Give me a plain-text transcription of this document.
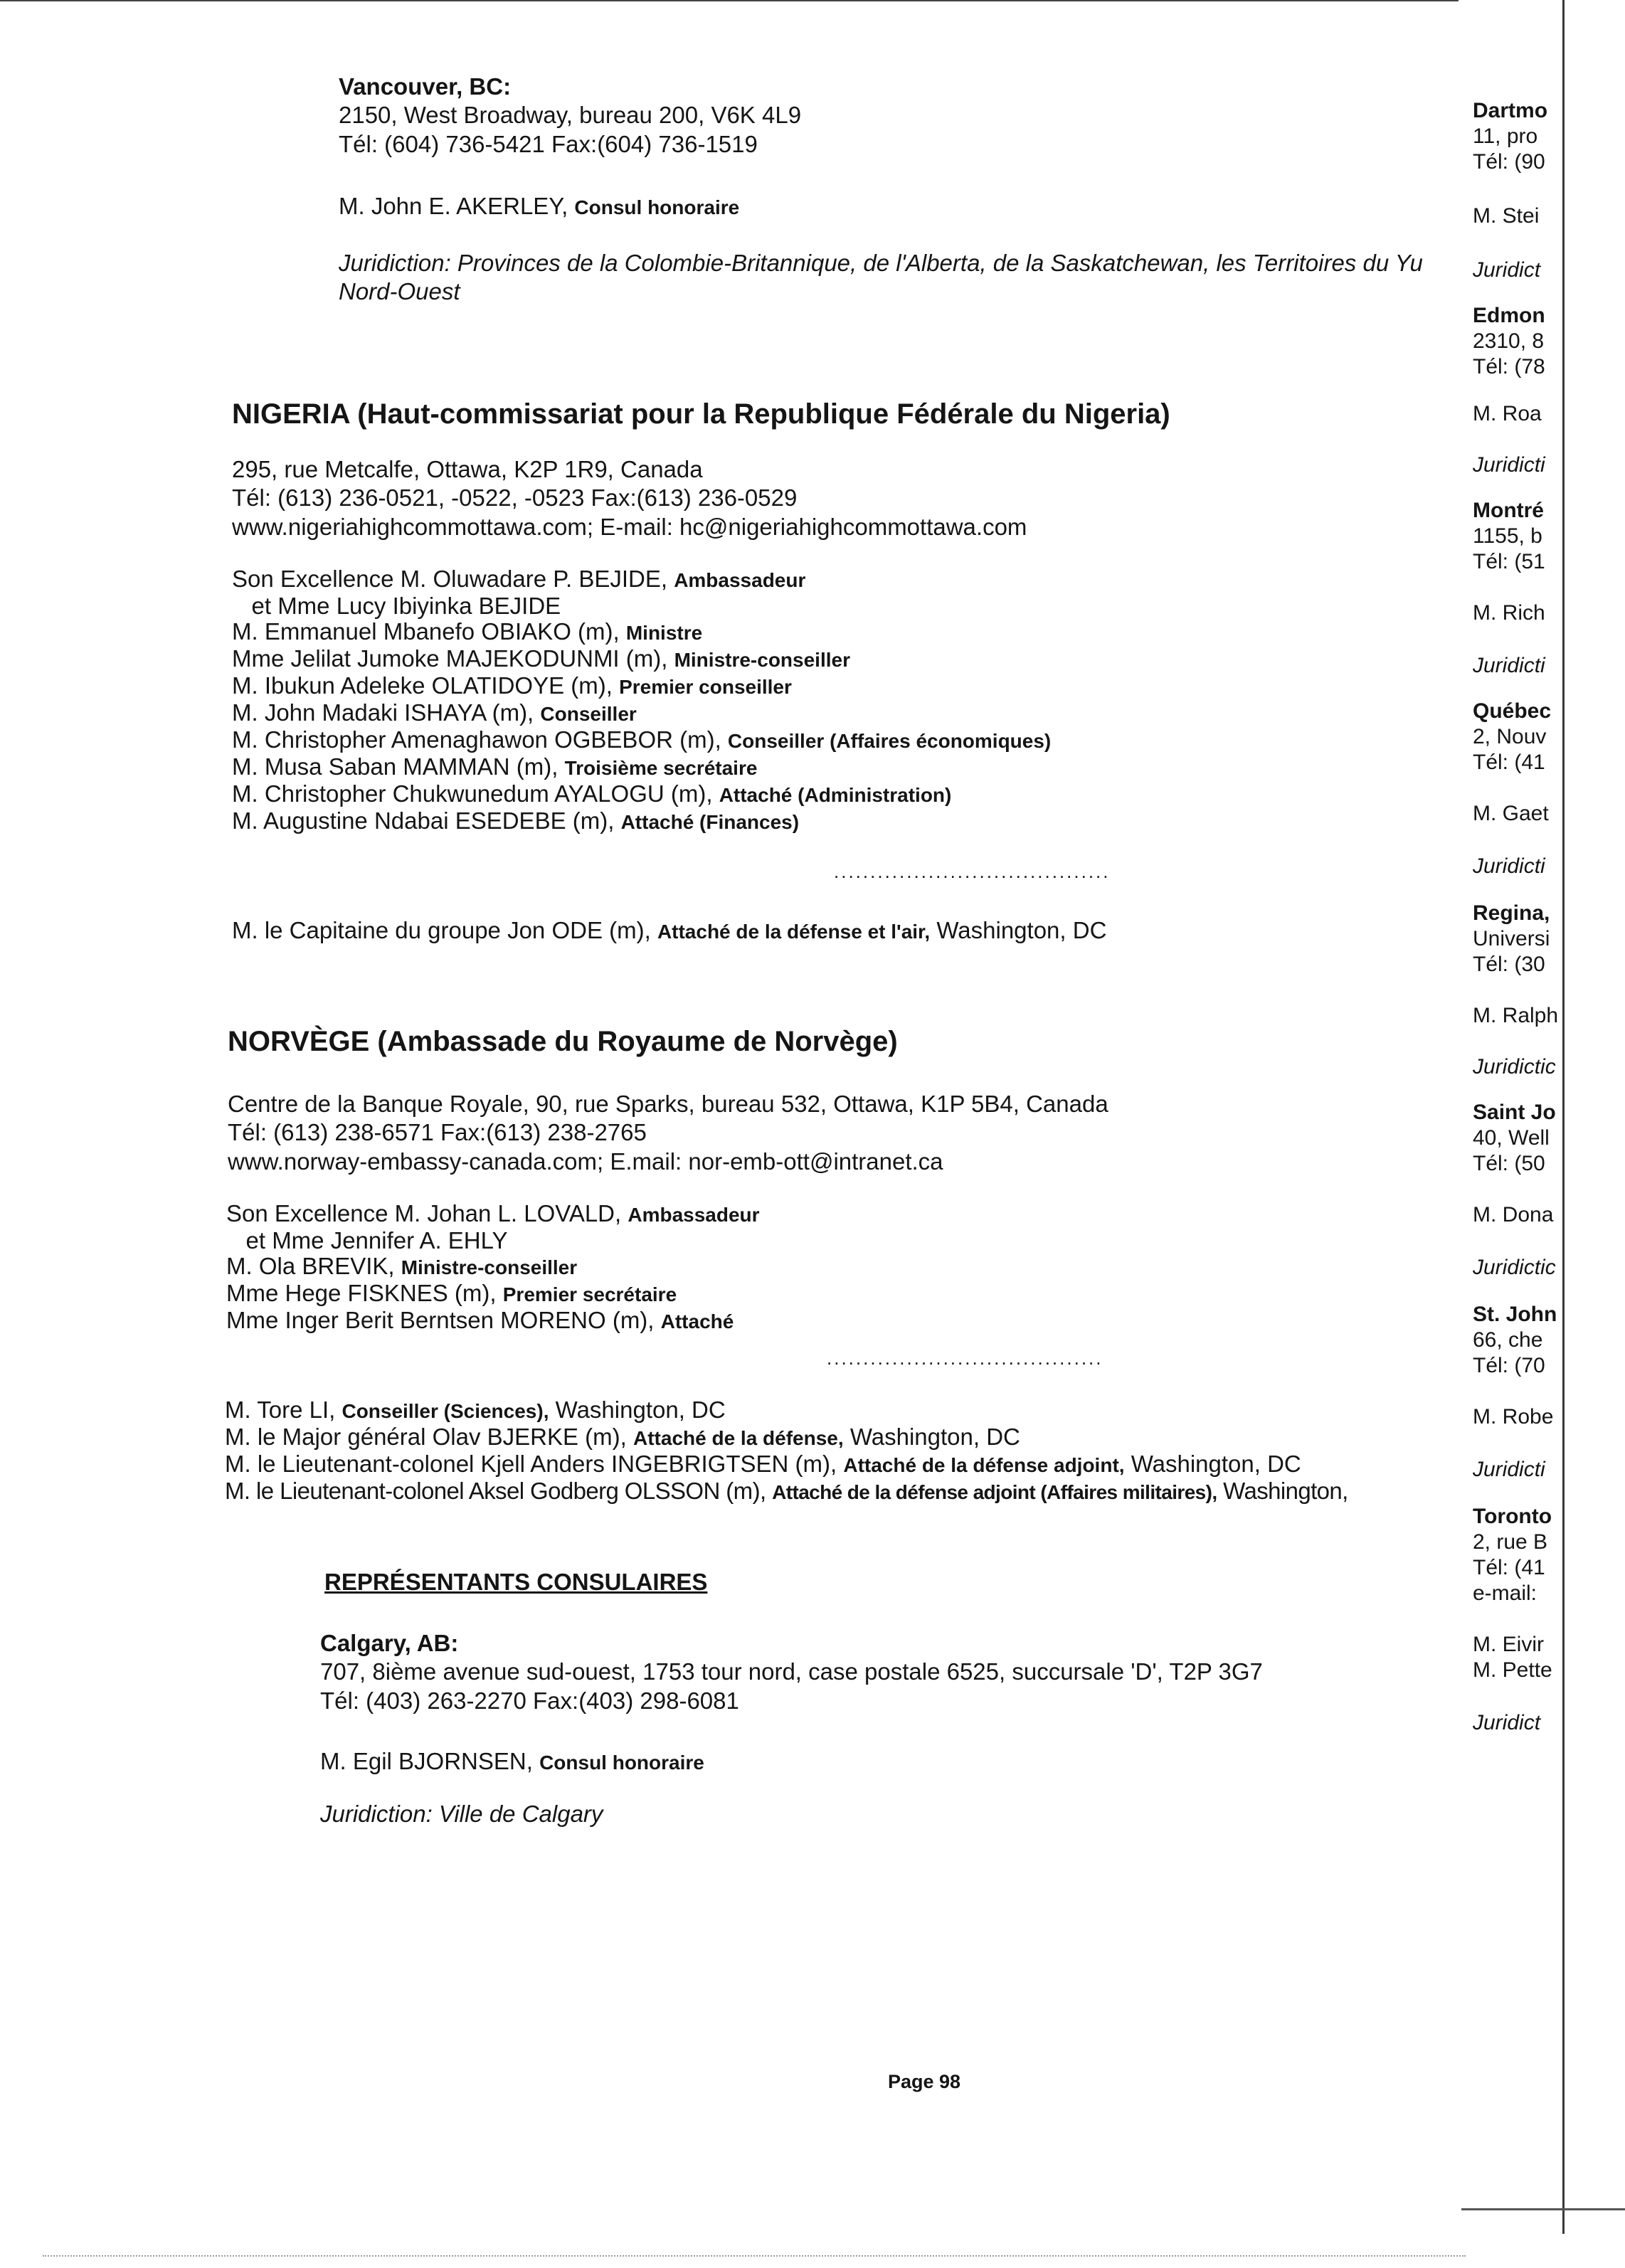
Vancouver, BC:
2150, West Broadway, bureau 200, V6K 4L9
Tél: (604) 736-5421 Fax:(604) 736-1519
M. John E. AKERLEY, Consul honoraire
Juridiction: Provinces de la Colombie-Britannique, de l'Alberta, de la Saskatchewan, les Territoires du Yu
Nord-Ouest
NIGERIA (Haut-commissariat pour la Republique Fédérale du Nigeria)
295, rue Metcalfe, Ottawa, K2P 1R9, Canada
Tél: (613) 236-0521, -0522, -0523 Fax:(613) 236-0529
www.nigeriahighcommottawa.com; E-mail: hc@nigeriahighcommottawa.com
Son Excellence M. Oluwadare P. BEJIDE, Ambassadeur
et Mme Lucy Ibiyinka BEJIDE
M. Emmanuel Mbanefo OBIAKO (m), Ministre
Mme Jelilat Jumoke MAJEKODUNMI (m), Ministre-conseiller
M. Ibukun Adeleke OLATIDOYE (m), Premier conseiller
M. John Madaki ISHAYA (m), Conseiller
M. Christopher Amenaghawon OGBEBOR (m), Conseiller (Affaires économiques)
M. Musa Saban MAMMAN (m), Troisième secrétaire
M. Christopher Chukwunedum AYALOGU (m), Attaché (Administration)
M. Augustine Ndabai ESEDEBE (m), Attaché (Finances)
......................................
M. le Capitaine du groupe Jon ODE (m), Attaché de la défense et l'air, Washington, DC
NORVÈGE (Ambassade du Royaume de Norvège)
Centre de la Banque Royale, 90, rue Sparks, bureau 532, Ottawa, K1P 5B4, Canada
Tél: (613) 238-6571 Fax:(613) 238-2765
www.norway-embassy-canada.com; E.mail: nor-emb-ott@intranet.ca
Son Excellence M. Johan L. LOVALD, Ambassadeur
et Mme Jennifer A. EHLY
M. Ola BREVIK, Ministre-conseiller
Mme Hege FISKNES (m), Premier secrétaire
Mme Inger Berit Berntsen MORENO (m), Attaché
......................................
M. Tore LI, Conseiller (Sciences), Washington, DC
M. le Major général Olav BJERKE (m), Attaché de la défense, Washington, DC
M. le Lieutenant-colonel Kjell Anders INGEBRIGTSEN (m), Attaché de la défense adjoint, Washington, DC
M. le Lieutenant-colonel Aksel Godberg OLSSON (m), Attaché de la défense adjoint (Affaires militaires), Washington,
REPRÉSENTANTS CONSULAIRES
Calgary, AB:
707, 8ième avenue sud-ouest, 1753 tour nord, case postale 6525, succursale 'D', T2P 3G7
Tél: (403) 263-2270 Fax:(403) 298-6081
M. Egil BJORNSEN, Consul honoraire
Juridiction: Ville de Calgary
Page 98
Dartmo
11, pro
Tél: (90
M. Stei
Juridict
Edmon
2310, 8
Tél: (78
M. Roa
Juridicti
Montré
1155, b
Tél: (51
M. Rich
Juridicti
Québec
2, Nouv
Tél: (41
M. Gaet
Juridicti
Regina,
Universi
Tél: (30
M. Ralph
Juridictic
Saint Jo
40, Well
Tél: (50
M. Dona
Juridictic
St. John
66, che
Tél: (70
M. Robe
Juridicti
Toronto
2, rue B
Tél: (41
e-mail:
M. Eivir
M. Pette
Juridict
